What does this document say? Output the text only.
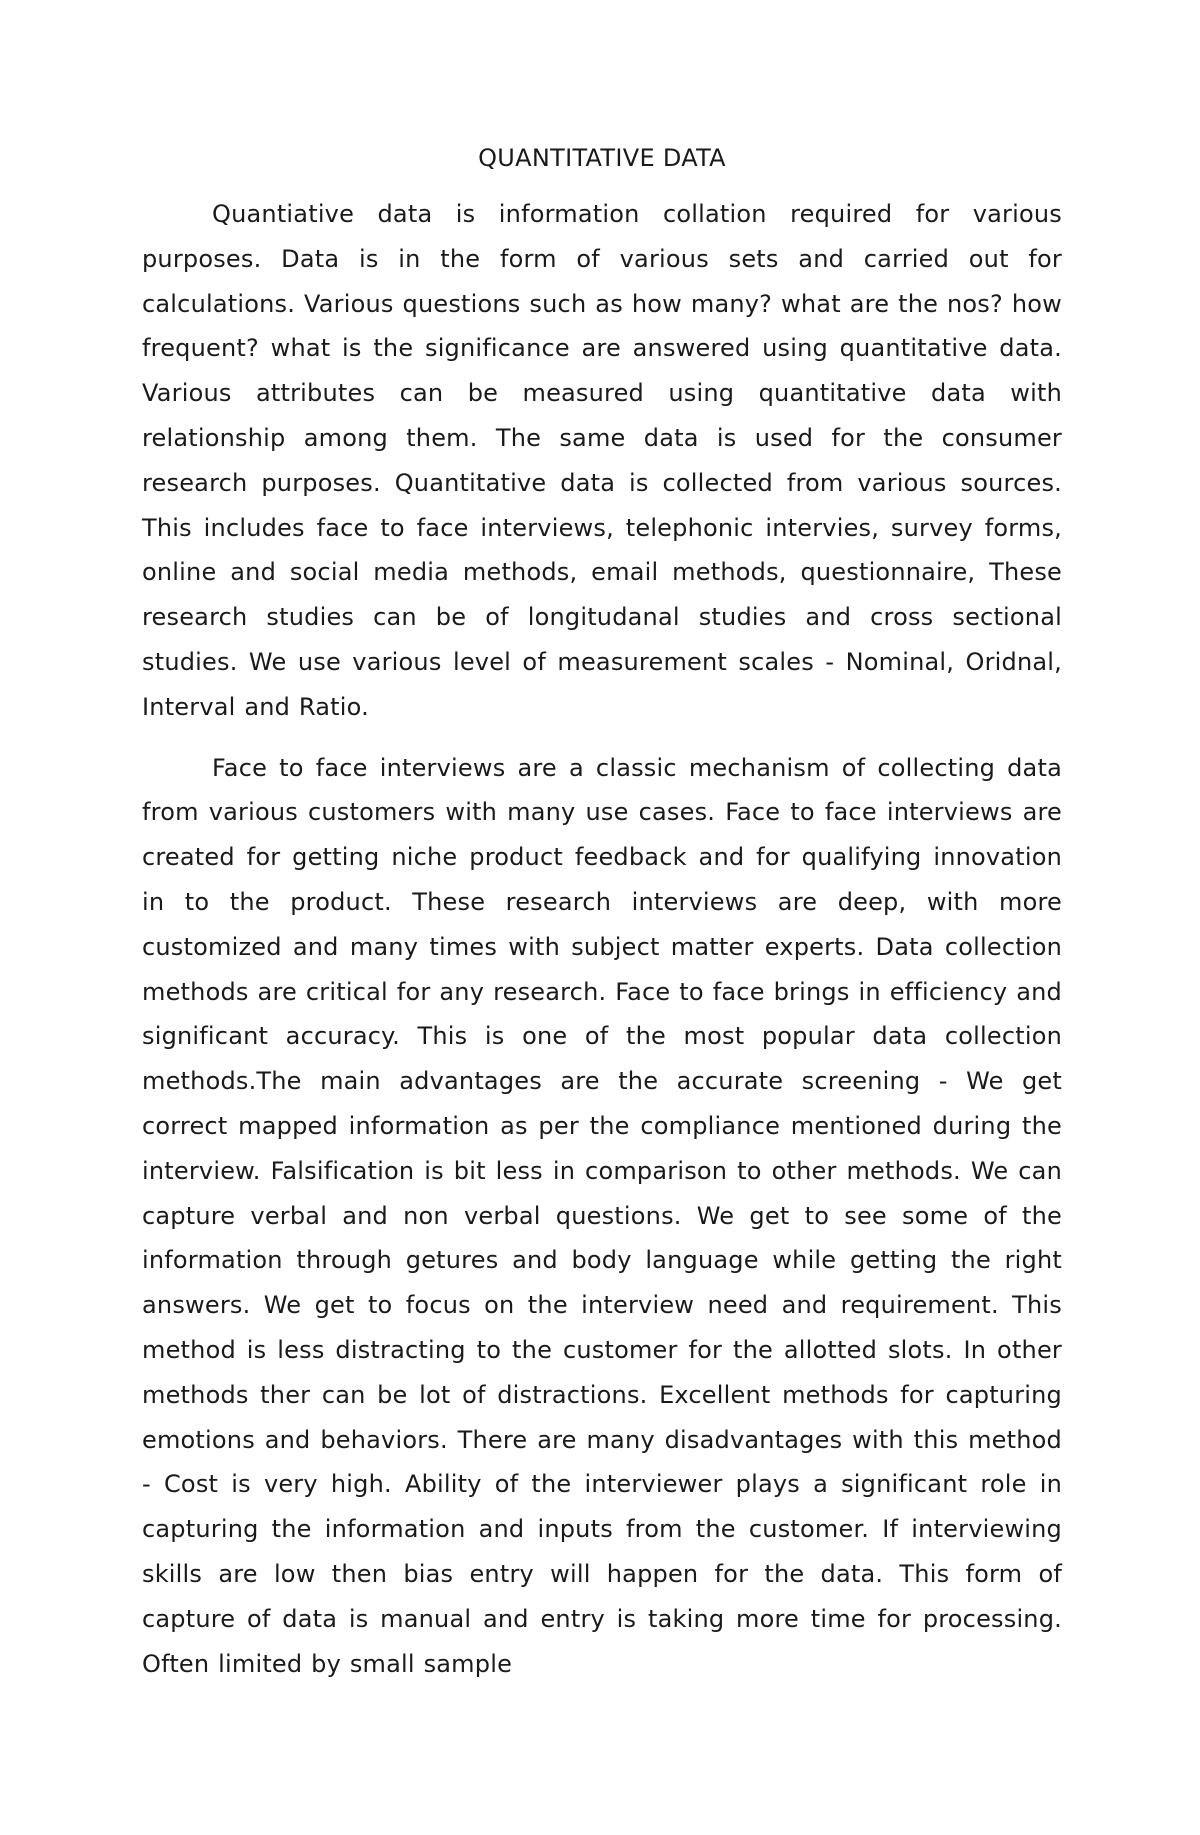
QUANTITATIVE DATA

Quantiative data is information collation required for various purposes. Data is in the form of various sets and carried out for calculations. Various questions such as how many? what are the nos? how frequent? what is the significance are answered using quantitative data. Various attributes can be measured using quantitative data with relationship among them. The same data is used for the consumer research purposes. Quantitative data is collected from various sources. This includes face to face interviews, telephonic intervies, survey forms, online and social media methods, email methods, questionnaire, These research studies can be of longitudanal studies and cross sectional studies. We use various level of measurement scales - Nominal, Oridnal, Interval and Ratio.

Face to face interviews are a classic mechanism of collecting data from various customers with many use cases. Face to face interviews are created for getting niche product feedback and for qualifying innovation in to the product. These research interviews are deep, with more customized and many times with subject matter experts. Data collection methods are critical for any research. Face to face brings in efficiency and significant accuracy. This is one of the most popular data collection methods.The main advantages are the accurate screening - We get correct mapped information as per the compliance mentioned during the interview. Falsification is bit less in comparison to other methods. We can capture verbal and non verbal questions. We get to see some of the information through getures and body language while getting the right answers. We get to focus on the interview need and requirement. This method is less distracting to the customer for the allotted slots. In other methods ther can be lot of distractions. Excellent methods for capturing emotions and behaviors. There are many disadvantages with this method - Cost is very high. Ability of the interviewer plays a significant role in capturing the information and inputs from the customer. If interviewing skills are low then bias entry will happen for the data. This form of capture of data is manual and entry is taking more time for processing. Often limited by small sample
